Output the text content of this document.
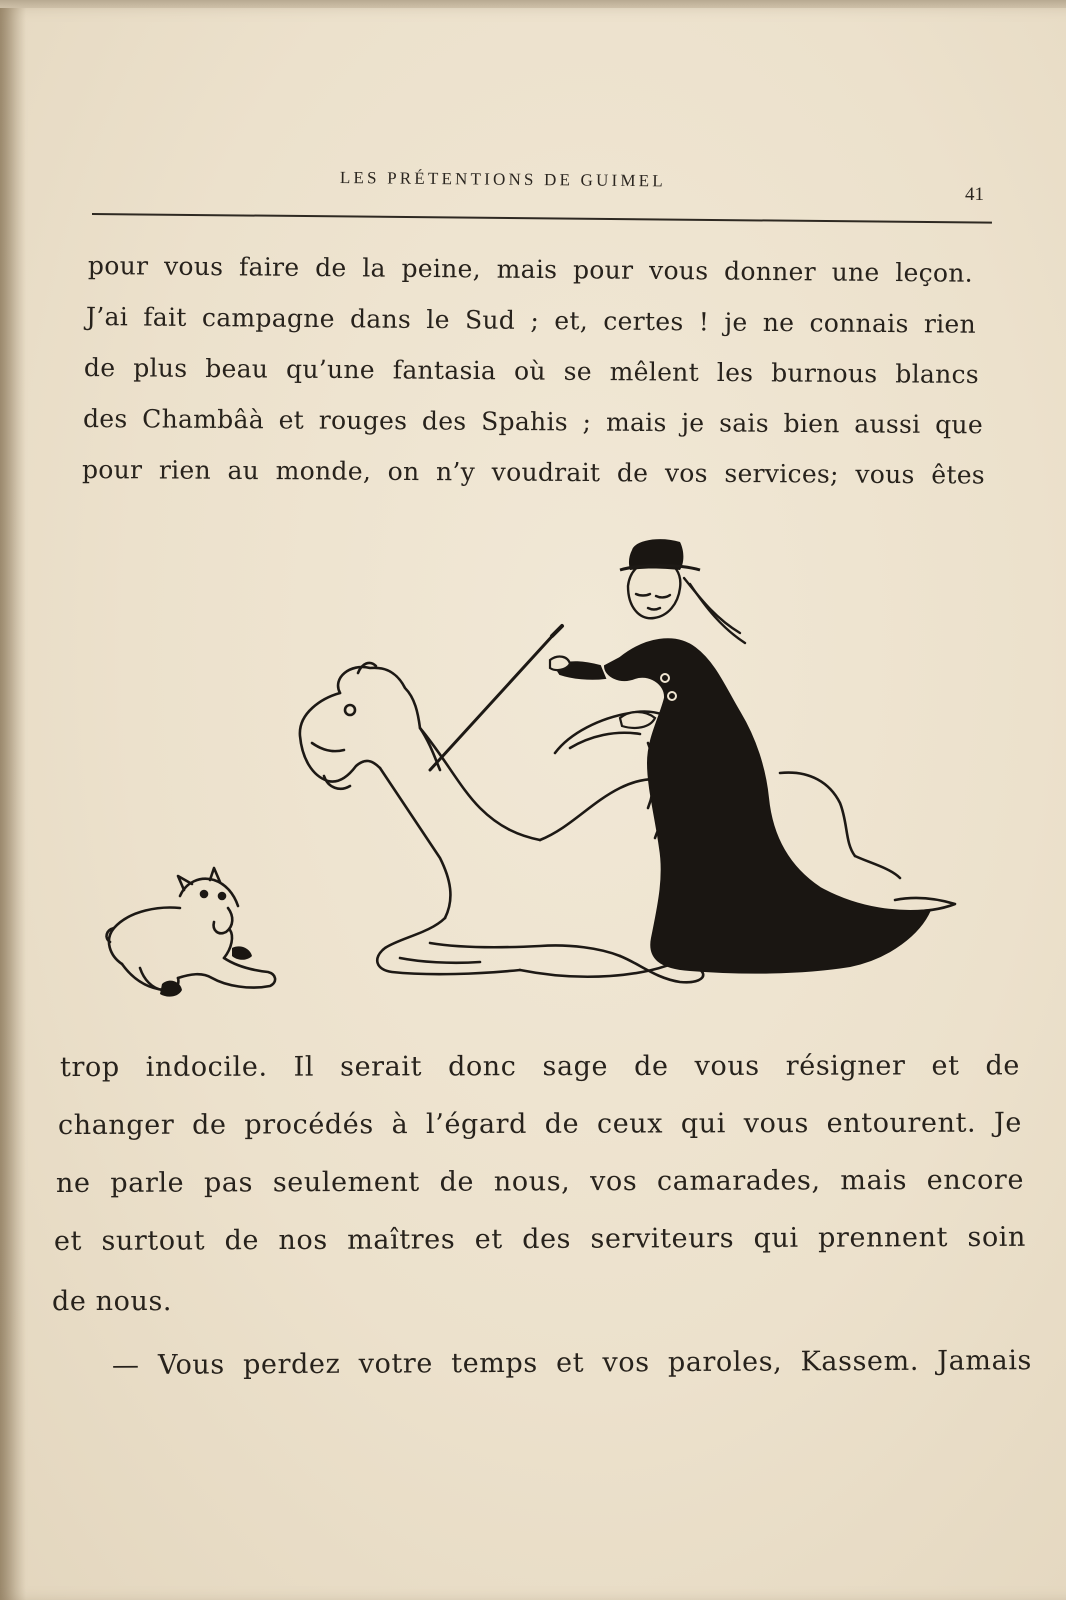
LES PRÉTENTIONS DE GUIMEL
41
pour vous faire de la peine, mais pour vous donner une leçon.
J’ai fait campagne dans le Sud ; et, certes ! je ne connais rien
de plus beau qu’une fantasia où se mêlent les burnous blancs
des Chambâà et rouges des Spahis ; mais je sais bien aussi que
pour rien au monde, on n’y voudrait de vos services; vous êtes
trop indocile. Il serait donc sage de vous résigner et de
changer de procédés à l’égard de ceux qui vous entourent. Je
ne parle pas seulement de nous, vos camarades, mais encore
et surtout de nos maîtres et des serviteurs qui prennent soin
de nous.
— Vous perdez votre temps et vos paroles, Kassem. Jamais
